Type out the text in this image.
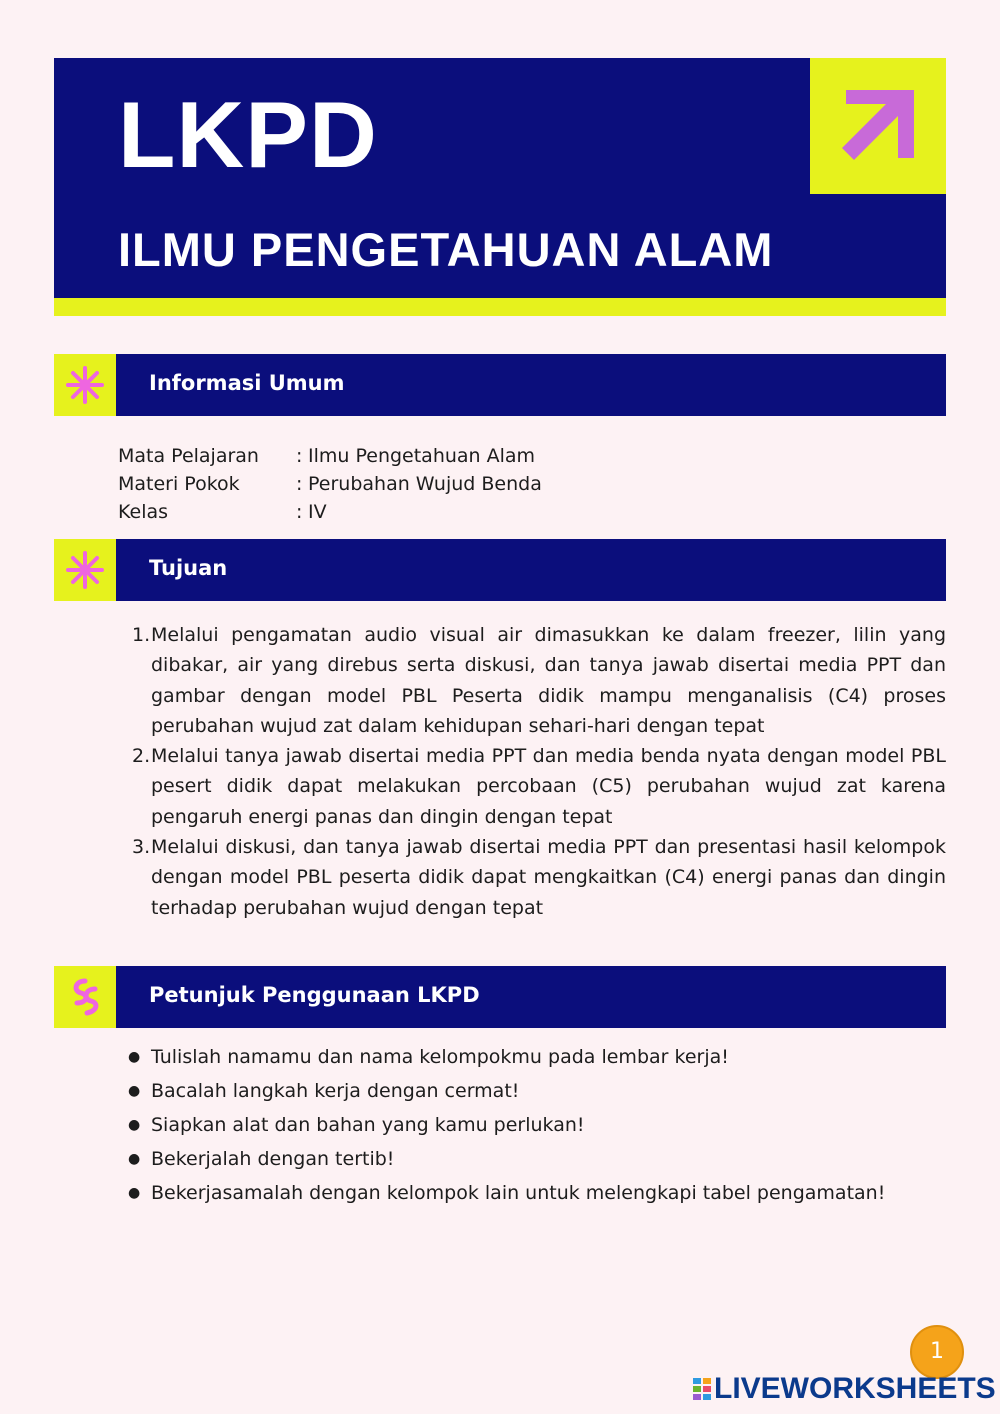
LKPD
ILMU PENGETAHUAN ALAM
Informasi Umum
Mata Pelajaran	: Ilmu Pengetahuan Alam
Materi Pokok	: Perubahan Wujud Benda
Kelas	: IV
Tujuan
1. Melalui pengamatan audio visual air dimasukkan ke dalam freezer, lilin yang dibakar, air yang direbus serta diskusi, dan tanya jawab disertai media PPT dan gambar dengan model PBL Peserta didik mampu menganalisis (C4) proses perubahan wujud zat dalam kehidupan sehari-hari dengan tepat
2. Melalui tanya jawab disertai media PPT dan media benda nyata dengan model PBL pesert didik dapat melakukan percobaan (C5) perubahan wujud zat karena pengaruh energi panas dan dingin dengan tepat
3. Melalui diskusi, dan tanya jawab disertai media PPT dan presentasi hasil kelompok dengan model PBL peserta didik dapat mengkaitkan (C4) energi panas dan dingin terhadap perubahan wujud dengan tepat
Petunjuk Penggunaan LKPD
● Tulislah namamu dan nama kelompokmu pada lembar kerja!
● Bacalah langkah kerja dengan cermat!
● Siapkan alat dan bahan yang kamu perlukan!
● Bekerjalah dengan tertib!
● Bekerjasamalah dengan kelompok lain untuk melengkapi tabel pengamatan!
1
LIVEWORKSHEETS
